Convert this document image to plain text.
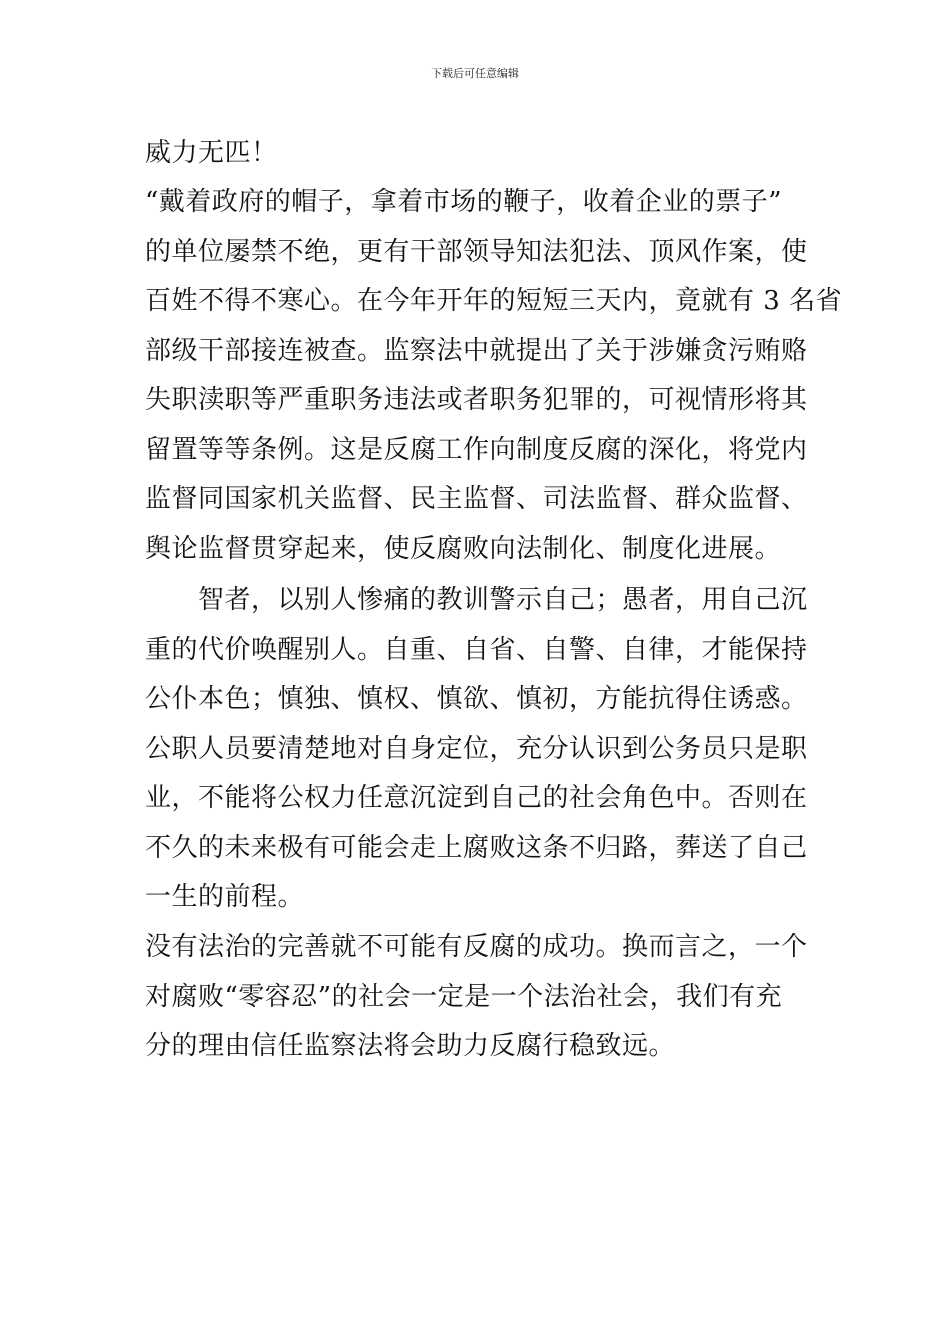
下载后可任意编辑
威力无匹！
“戴着政府的帽子，拿着市场的鞭子，收着企业的票子”
的单位屡禁不绝，更有干部领导知法犯法、顶风作案，使
百姓不得不寒心。在今年开年的短短三天内，竟就有 3 名省
部级干部接连被查。监察法中就提出了关于涉嫌贪污贿赂
失职渎职等严重职务违法或者职务犯罪的，可视情形将其
留置等等条例。这是反腐工作向制度反腐的深化，将党内
监督同国家机关监督、民主监督、司法监督、群众监督、
舆论监督贯穿起来，使反腐败向法制化、制度化进展。
　　智者，以别人惨痛的教训警示自己；愚者，用自己沉
重的代价唤醒别人。自重、自省、自警、自律，才能保持
公仆本色；慎独、慎权、慎欲、慎初，方能抗得住诱惑。
公职人员要清楚地对自身定位，充分认识到公务员只是职
业，不能将公权力任意沉淀到自己的社会角色中。否则在
不久的未来极有可能会走上腐败这条不归路，葬送了自己
一生的前程。
没有法治的完善就不可能有反腐的成功。换而言之，一个
对腐败“零容忍”的社会一定是一个法治社会，我们有充
分的理由信任监察法将会助力反腐行稳致远。
